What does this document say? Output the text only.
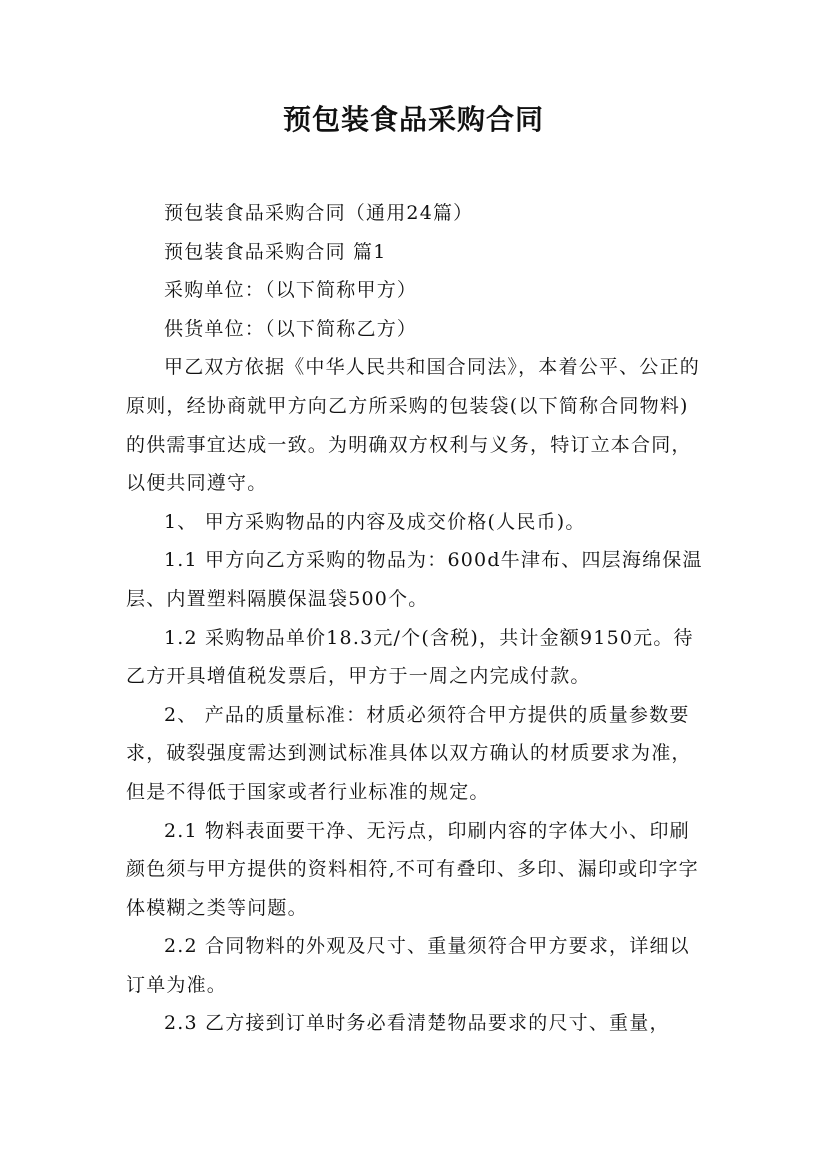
预包装食品采购合同

预包装食品采购合同（通用24篇）

预包装食品采购合同 篇1

采购单位：（以下简称甲方）

供货单位：（以下简称乙方）

甲乙双方依据《中华人民共和国合同法》，本着公平、公正的原则，经协商就甲方向乙方所采购的包装袋(以下简称合同物料)的供需事宜达成一致。为明确双方权利与义务，特订立本合同，以便共同遵守。

1、 甲方采购物品的内容及成交价格(人民币)。

1.1 甲方向乙方采购的物品为：600d牛津布、四层海绵保温层、内置塑料隔膜保温袋500个。

1.2 采购物品单价18.3元/个(含税)，共计金额9150元。待乙方开具增值税发票后，甲方于一周之内完成付款。

2、 产品的质量标准：材质必须符合甲方提供的质量参数要求，破裂强度需达到测试标准具体以双方确认的材质要求为准，但是不得低于国家或者行业标准的规定。

2.1 物料表面要干净、无污点，印刷内容的字体大小、印刷颜色须与甲方提供的资料相符,不可有叠印、多印、漏印或印字字体模糊之类等问题。

2.2 合同物料的外观及尺寸、重量须符合甲方要求，详细以订单为准。

2.3 乙方接到订单时务必看清楚物品要求的尺寸、重量，
